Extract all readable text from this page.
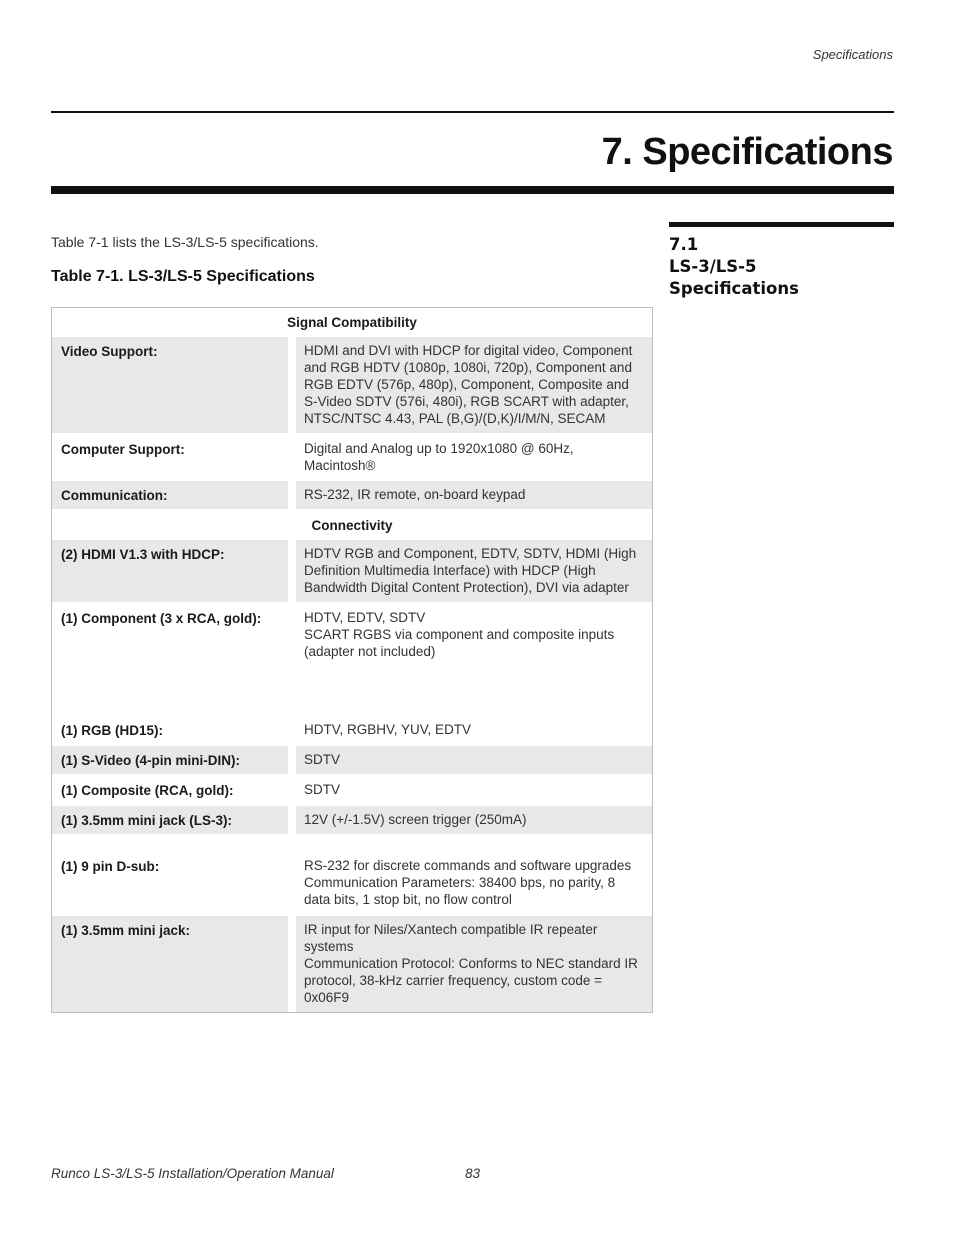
Specifications
7. Specifications

Table 7-1 lists the LS-3/LS-5 specifications.

Table 7-1. LS-3/LS-5 Specifications

7.1
LS-3/LS-5
Specifications
Signal Compatibility
Video Support:	HDMI and DVI with HDCP for digital video, Component
and RGB HDTV (1080p, 1080i, 720p), Component and
RGB EDTV (576p, 480p), Component, Composite and
S-Video SDTV (576i, 480i), RGB SCART with adapter,
NTSC/NTSC 4.43, PAL (B,G)/(D,K)/I/M/N, SECAM
Computer Support:	Digital and Analog up to 1920x1080 @ 60Hz,
Macintosh®
Communication:	RS-232, IR remote, on-board keypad
Connectivity
(2) HDMI V1.3 with HDCP:	HDTV RGB and Component, EDTV, SDTV, HDMI (High
Definition Multimedia Interface) with HDCP (High
Bandwidth Digital Content Protection), DVI via adapter
(1) Component (3 x RCA, gold):	HDTV, EDTV, SDTV
SCART RGBS via component and composite inputs
(adapter not included)
(1) RGB (HD15):	HDTV, RGBHV, YUV, EDTV
(1) S-Video (4-pin mini-DIN):	SDTV
(1) Composite (RCA, gold):	SDTV
(1) 3.5mm mini jack (LS-3):	12V (+/-1.5V) screen trigger (250mA)
(1) 9 pin D-sub:	RS-232 for discrete commands and software upgrades
Communication Parameters: 38400 bps, no parity, 8
data bits, 1 stop bit, no flow control
(1) 3.5mm mini jack:	IR input for Niles/Xantech compatible IR repeater
systems
Communication Protocol: Conforms to NEC standard IR
protocol, 38-kHz carrier frequency, custom code =
0x06F9
Runco LS-3/LS-5 Installation/Operation Manual	83
